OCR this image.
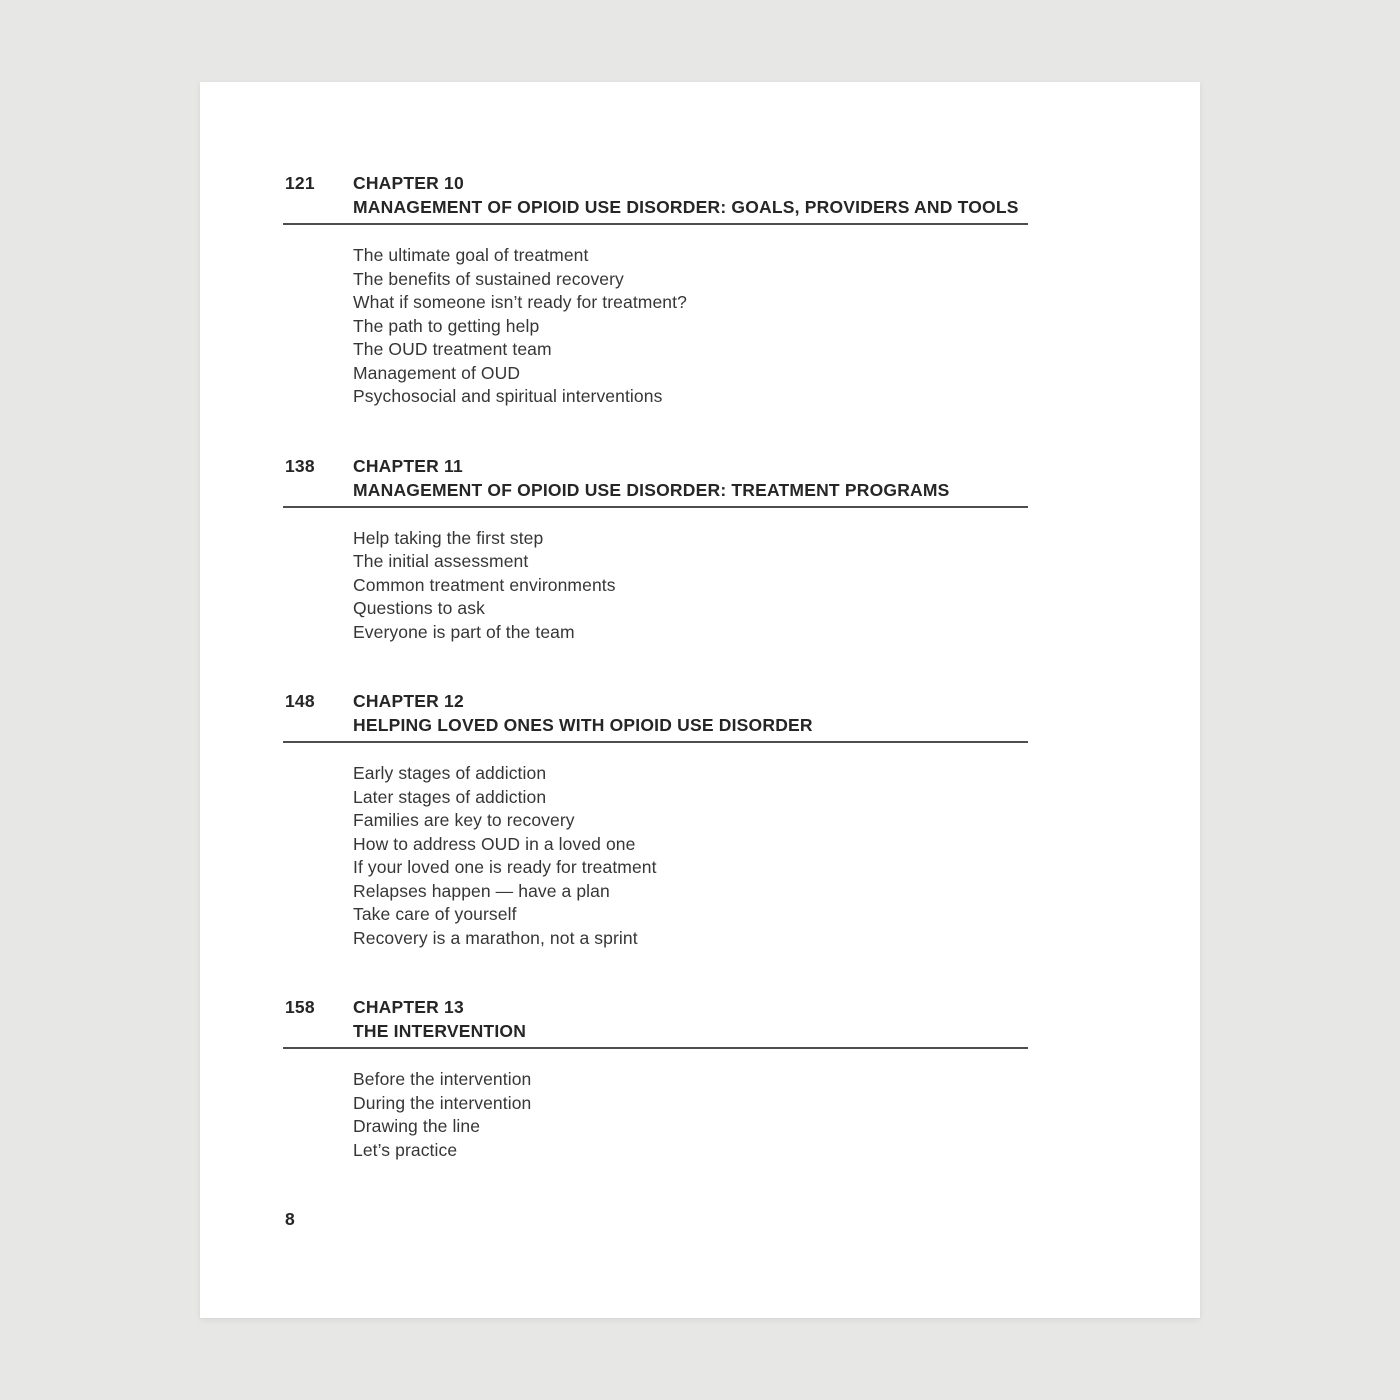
121	CHAPTER 10
MANAGEMENT OF OPIOID USE DISORDER: GOALS, PROVIDERS AND TOOLS
The ultimate goal of treatment
The benefits of sustained recovery
What if someone isn’t ready for treatment?
The path to getting help
The OUD treatment team
Management of OUD
Psychosocial and spiritual interventions
138	CHAPTER 11
MANAGEMENT OF OPIOID USE DISORDER: TREATMENT PROGRAMS
Help taking the first step
The initial assessment
Common treatment environments
Questions to ask
Everyone is part of the team
148	CHAPTER 12
HELPING LOVED ONES WITH OPIOID USE DISORDER
Early stages of addiction
Later stages of addiction
Families are key to recovery
How to address OUD in a loved one
If your loved one is ready for treatment
Relapses happen — have a plan
Take care of yourself
Recovery is a marathon, not a sprint
158	CHAPTER 13
THE INTERVENTION
Before the intervention
During the intervention
Drawing the line
Let’s practice
8
